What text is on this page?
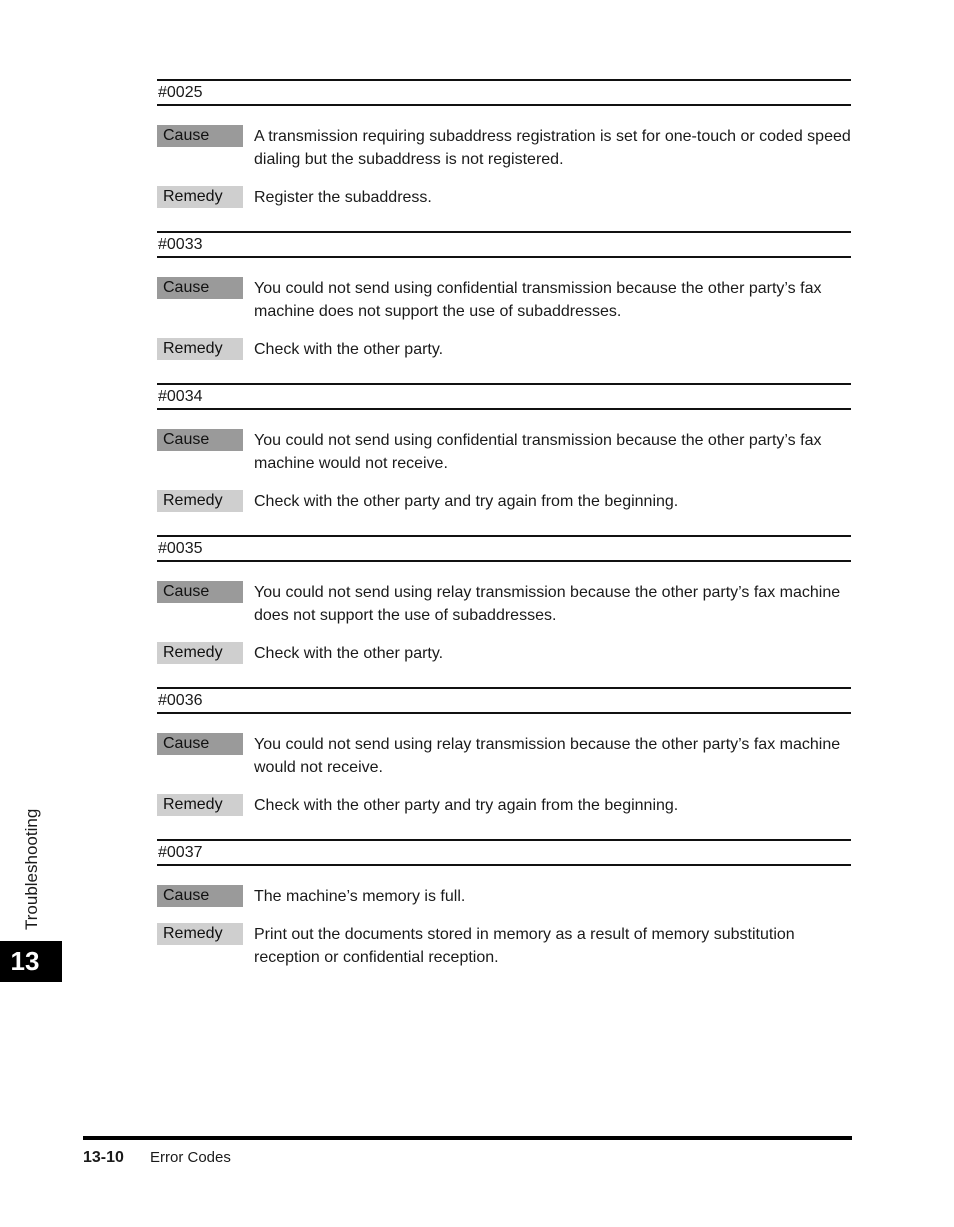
#0025
Cause	A transmission requiring subaddress registration is set for one-touch or coded speed dialing but the subaddress is not registered.
Remedy	Register the subaddress.
#0033
Cause	You could not send using confidential transmission because the other party’s fax machine does not support the use of subaddresses.
Remedy	Check with the other party.
#0034
Cause	You could not send using confidential transmission because the other party’s fax machine would not receive.
Remedy	Check with the other party and try again from the beginning.
#0035
Cause	You could not send using relay transmission because the other party’s fax machine does not support the use of subaddresses.
Remedy	Check with the other party.
#0036
Cause	You could not send using relay transmission because the other party’s fax machine would not receive.
Remedy	Check with the other party and try again from the beginning.
#0037
Cause	The machine’s memory is full.
Remedy	Print out the documents stored in memory as a result of memory substitution reception or confidential reception.
Troubleshooting
13
13-10 Error Codes
